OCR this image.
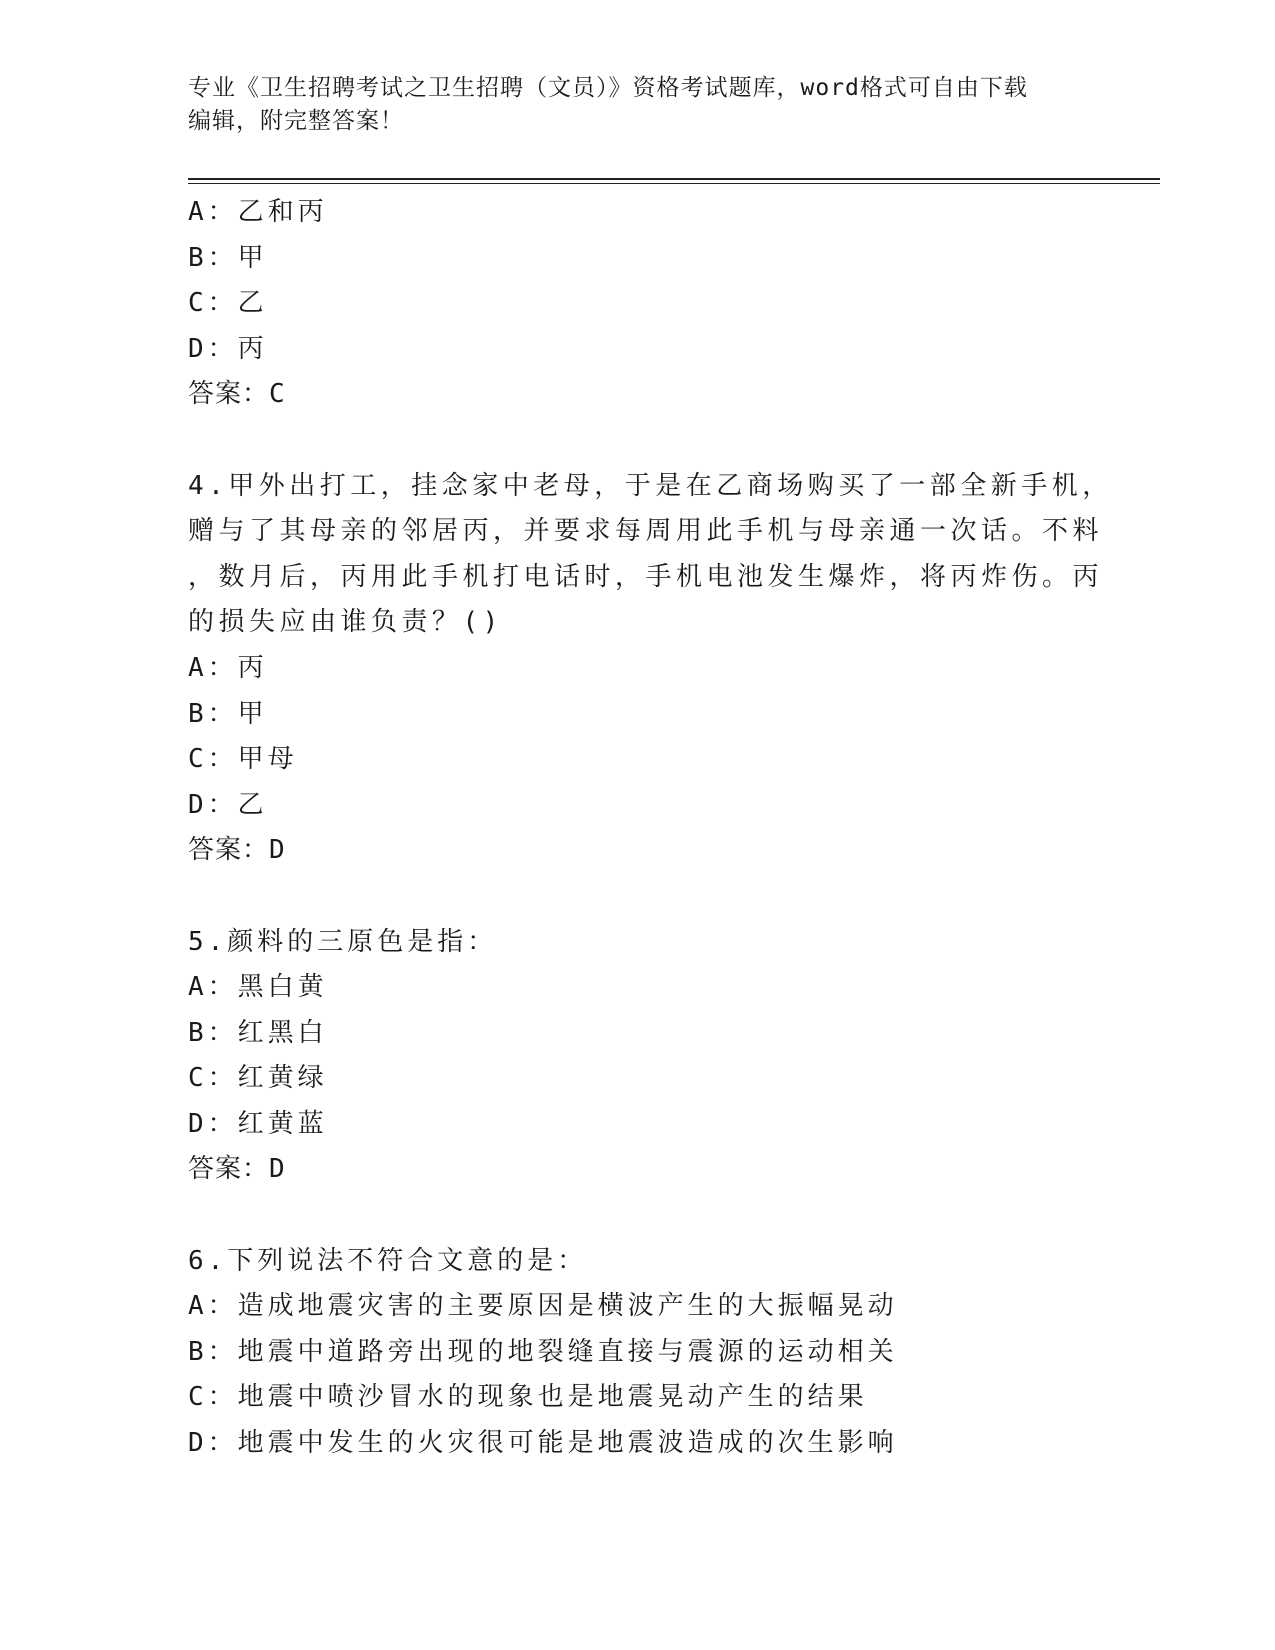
专业《卫生招聘考试之卫生招聘（文员）》资格考试题库，word格式可自由下载
编辑，附完整答案！
A：乙和丙
B：甲
C：乙
D：丙
答案：C
4.甲外出打工，挂念家中老母，于是在乙商场购买了一部全新手机，
赠与了其母亲的邻居丙，并要求每周用此手机与母亲通一次话。不料
，数月后，丙用此手机打电话时，手机电池发生爆炸，将丙炸伤。丙
的损失应由谁负责？()
A：丙
B：甲
C：甲母
D：乙
答案：D
5.颜料的三原色是指：
A：黑白黄
B：红黑白
C：红黄绿
D：红黄蓝
答案：D
6.下列说法不符合文意的是：
A：造成地震灾害的主要原因是横波产生的大振幅晃动
B：地震中道路旁出现的地裂缝直接与震源的运动相关
C：地震中喷沙冒水的现象也是地震晃动产生的结果
D：地震中发生的火灾很可能是地震波造成的次生影响
